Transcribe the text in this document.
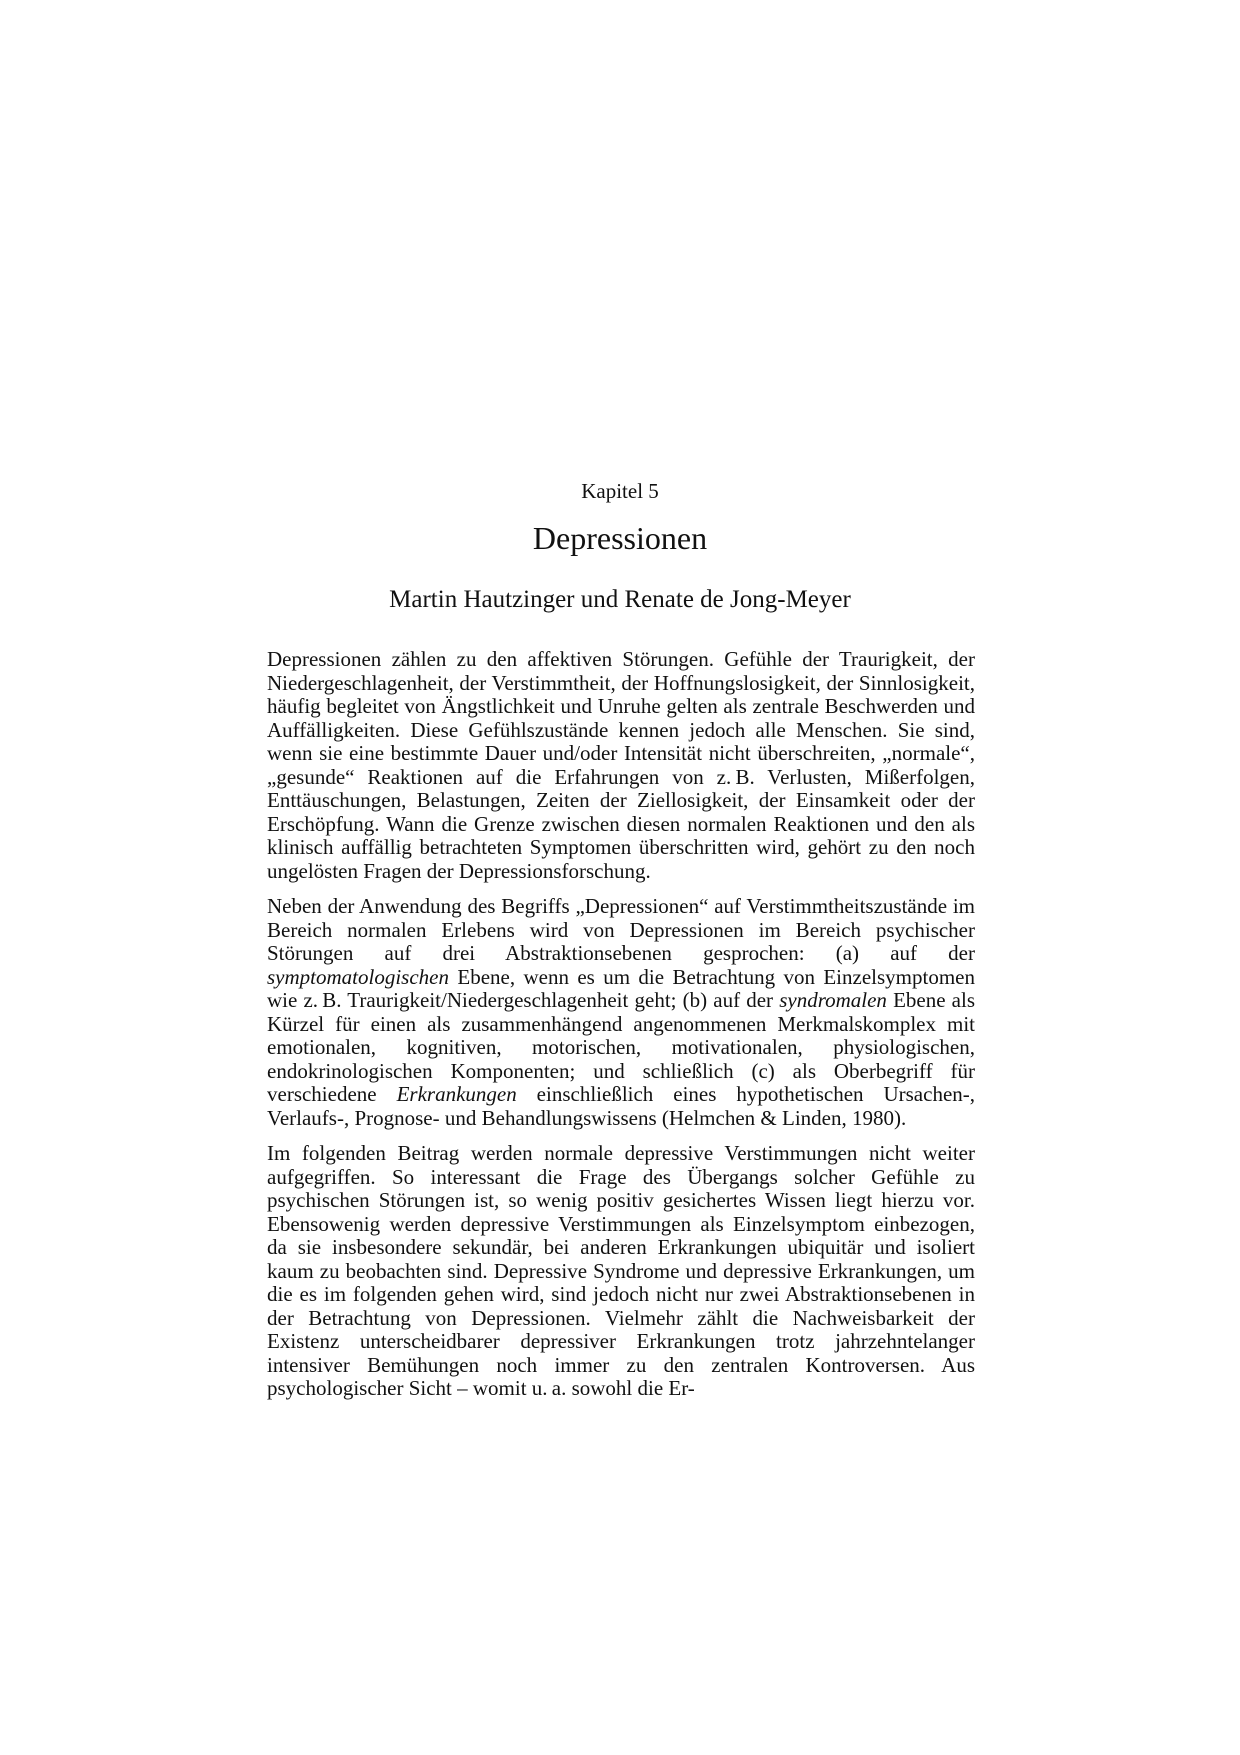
Kapitel 5
Depressionen
Martin Hautzinger und Renate de Jong-Meyer

Depressionen zählen zu den affektiven Störungen. Gefühle der Traurigkeit, der Niedergeschlagenheit, der Verstimmtheit, der Hoffnungslosigkeit, der Sinnlosigkeit, häufig begleitet von Ängstlichkeit und Unruhe gelten als zentrale Beschwerden und Auffälligkeiten. Diese Gefühlszustände kennen jedoch alle Menschen. Sie sind, wenn sie eine bestimmte Dauer und/oder Intensität nicht überschreiten, „normale“, „gesunde“ Reaktionen auf die Erfahrungen von z. B. Verlusten, Mißerfolgen, Enttäuschungen, Belastungen, Zeiten der Ziellosigkeit, der Einsamkeit oder der Erschöpfung. Wann die Grenze zwischen diesen normalen Reaktionen und den als klinisch auffällig betrachteten Symptomen überschritten wird, gehört zu den noch ungelösten Fragen der Depressionsforschung.

Neben der Anwendung des Begriffs „Depressionen“ auf Verstimmtheitszustände im Bereich normalen Erlebens wird von Depressionen im Bereich psychischer Störungen auf drei Abstraktionsebenen gesprochen: (a) auf der symptomatologischen Ebene, wenn es um die Betrachtung von Einzelsymptomen wie z. B. Traurigkeit/Niedergeschlagenheit geht; (b) auf der syndromalen Ebene als Kürzel für einen als zusammenhängend angenommenen Merkmalskomplex mit emotionalen, kognitiven, motorischen, motivationalen, physiologischen, endokrinologischen Komponenten; und schließlich (c) als Oberbegriff für verschiedene Erkrankungen einschließlich eines hypothetischen Ursachen-, Verlaufs-, Prognose- und Behandlungswissens (Helmchen & Linden, 1980).

Im folgenden Beitrag werden normale depressive Verstimmungen nicht weiter aufgegriffen. So interessant die Frage des Übergangs solcher Gefühle zu psychischen Störungen ist, so wenig positiv gesichertes Wissen liegt hierzu vor. Ebensowenig werden depressive Verstimmungen als Einzelsymptom einbezogen, da sie insbesondere sekundär, bei anderen Erkrankungen ubiquitär und isoliert kaum zu beobachten sind. Depressive Syndrome und depressive Erkrankungen, um die es im folgenden gehen wird, sind jedoch nicht nur zwei Abstraktionsebenen in der Betrachtung von Depressionen. Vielmehr zählt die Nachweisbarkeit der Existenz unterscheidbarer depressiver Erkrankungen trotz jahrzehntelanger intensiver Bemühungen noch immer zu den zentralen Kontroversen. Aus psychologischer Sicht – womit u. a. sowohl die Er-
